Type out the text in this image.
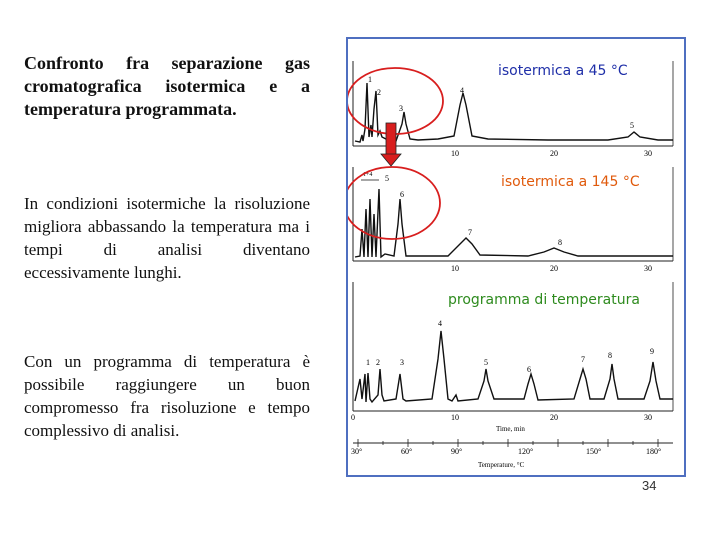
Confronto fra separazione gas cromatografica isotermica e a temperatura programmata.
In condizioni isotermiche la risoluzione migliora abbassando la temperatura ma i tempi di analisi diventano eccessivamente lunghi.
Con un programma di temperatura è possibile raggiungere un buon compromesso fra risoluzione e tempo complessivo di analisi.
1
2
3
4
5
isotermica a 45 °C
10	20	30
1+4 5
6
7
8
isotermica a 145 °C
10	20	30
1 2	3
4
5
6
7	8	9
programma di temperatura
0	10	20	30
Time, min
30°	60°	90°	120°	150°	180°
Temperature, °C
34
